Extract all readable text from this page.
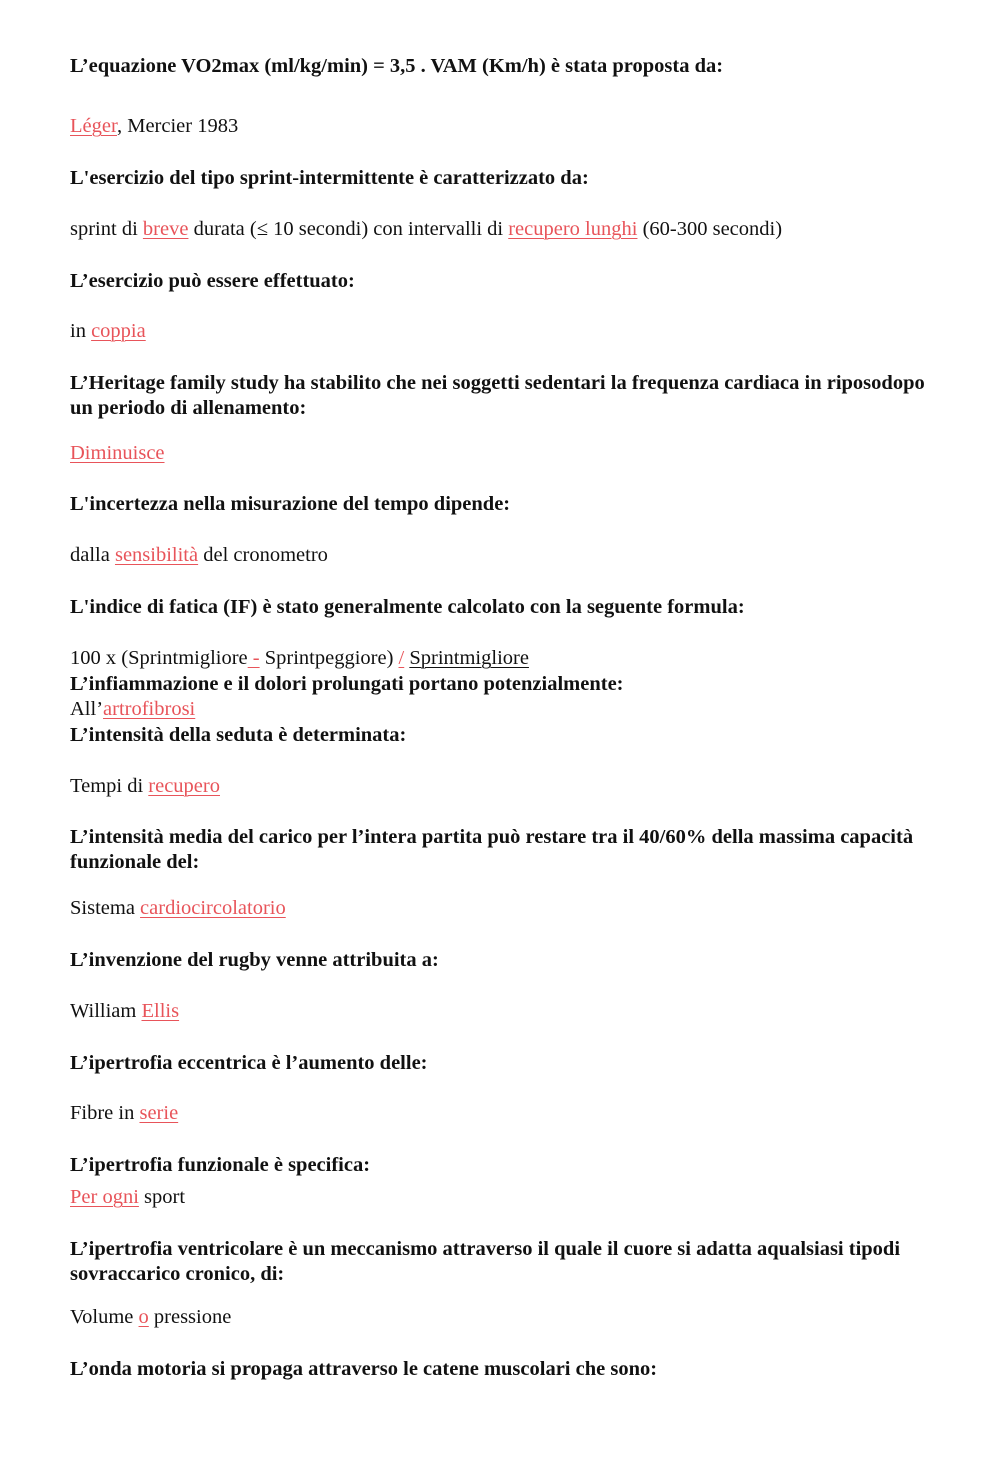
L’equazione VO2max (ml/kg/min) = 3,5 . VAM (Km/h) è stata proposta da:
Léger, Mercier 1983
L'esercizio del tipo sprint-intermittente è caratterizzato da:
sprint di breve durata (≤ 10 secondi) con intervalli di recupero lunghi (60-300 secondi)
L’esercizio può essere effettuato:
in coppia
L’Heritage family study ha stabilito che nei soggetti sedentari la frequenza cardiaca in riposodopo un periodo di allenamento:
Diminuisce
L'incertezza nella misurazione del tempo dipende:
dalla sensibilità del cronometro
L'indice di fatica (IF) è stato generalmente calcolato con la seguente formula:
100 x (Sprintmigliore - Sprintpeggiore) / Sprintmigliore
L’infiammazione e il dolori prolungati portano potenzialmente:
All’artrofibrosi
L’intensità della seduta è determinata:
Tempi di recupero
L’intensità media del carico per l’intera partita può restare tra il 40/60% della massima capacità funzionale del:
Sistema cardiocircolatorio
L’invenzione del rugby venne attribuita a:
William Ellis
L’ipertrofia eccentrica è l’aumento delle:
Fibre in serie
L’ipertrofia funzionale è specifica:
Per ogni sport
L’ipertrofia ventricolare è un meccanismo attraverso il quale il cuore si adatta aqualsiasi tipodi sovraccarico cronico, di:
Volume o pressione
L’onda motoria si propaga attraverso le catene muscolari che sono:
